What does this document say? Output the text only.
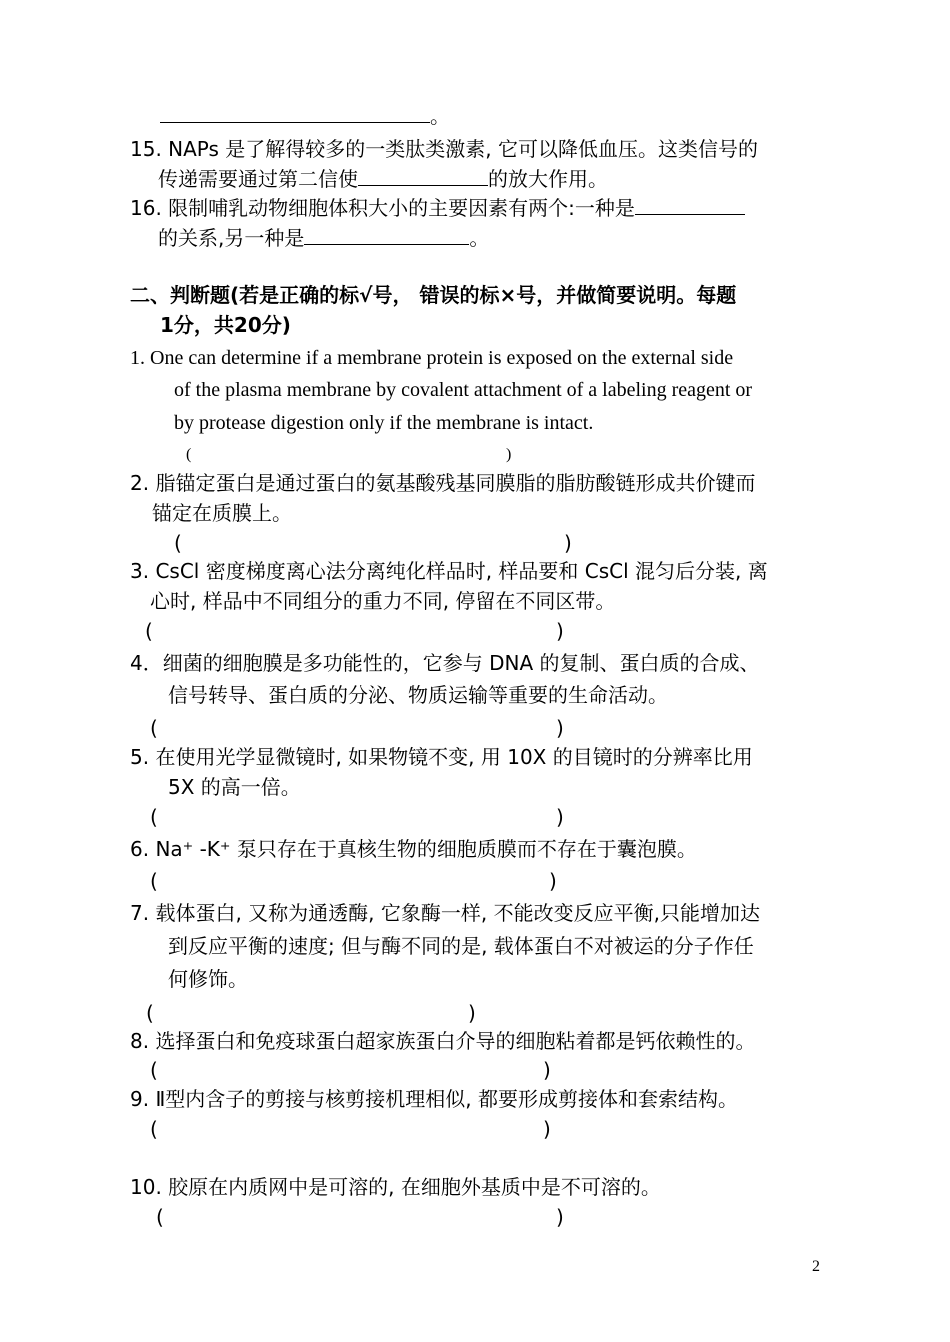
。
15. NAPs 是了解得较多的一类肽类激素, 它可以降低血压。这类信号的
传递需要通过第二信使	的放大作用。
16. 限制哺乳动物细胞体积大小的主要因素有两个:一种是
的关系,另一种是	。
二、判断题(若是正确的标√号， 错误的标×号，并做简要说明。每题
1分，共20分)
1. One can determine if a membrane protein is exposed on the external side
of the plasma membrane by covalent attachment of a labeling reagent or
by protease digestion only if the membrane is intact.
(	)
2. 脂锚定蛋白是通过蛋白的氨基酸残基同膜脂的脂肪酸链形成共价键而
锚定在质膜上。
(	)
3. CsCl 密度梯度离心法分离纯化样品时, 样品要和 CsCl 混匀后分装, 离
心时, 样品中不同组分的重力不同, 停留在不同区带。
(	)
4．细菌的细胞膜是多功能性的，它参与 DNA 的复制、蛋白质的合成、
信号转导、蛋白质的分泌、物质运输等重要的生命活动。
(	)
5. 在使用光学显微镜时, 如果物镜不变, 用 10X 的目镜时的分辨率比用
5X 的高一倍。
(	)
6. Na⁺ -K⁺ 泵只存在于真核生物的细胞质膜而不存在于囊泡膜。
(	)
7. 载体蛋白, 又称为通透酶, 它象酶一样, 不能改变反应平衡,只能增加达
到反应平衡的速度; 但与酶不同的是, 载体蛋白不对被运的分子作任
何修饰。
(	)
8. 选择蛋白和免疫球蛋白超家族蛋白介导的细胞粘着都是钙依赖性的。
(	)
9. Ⅱ型内含子的剪接与核剪接机理相似, 都要形成剪接体和套索结构。
(	)
10. 胶原在内质网中是可溶的, 在细胞外基质中是不可溶的。
(	)
2
